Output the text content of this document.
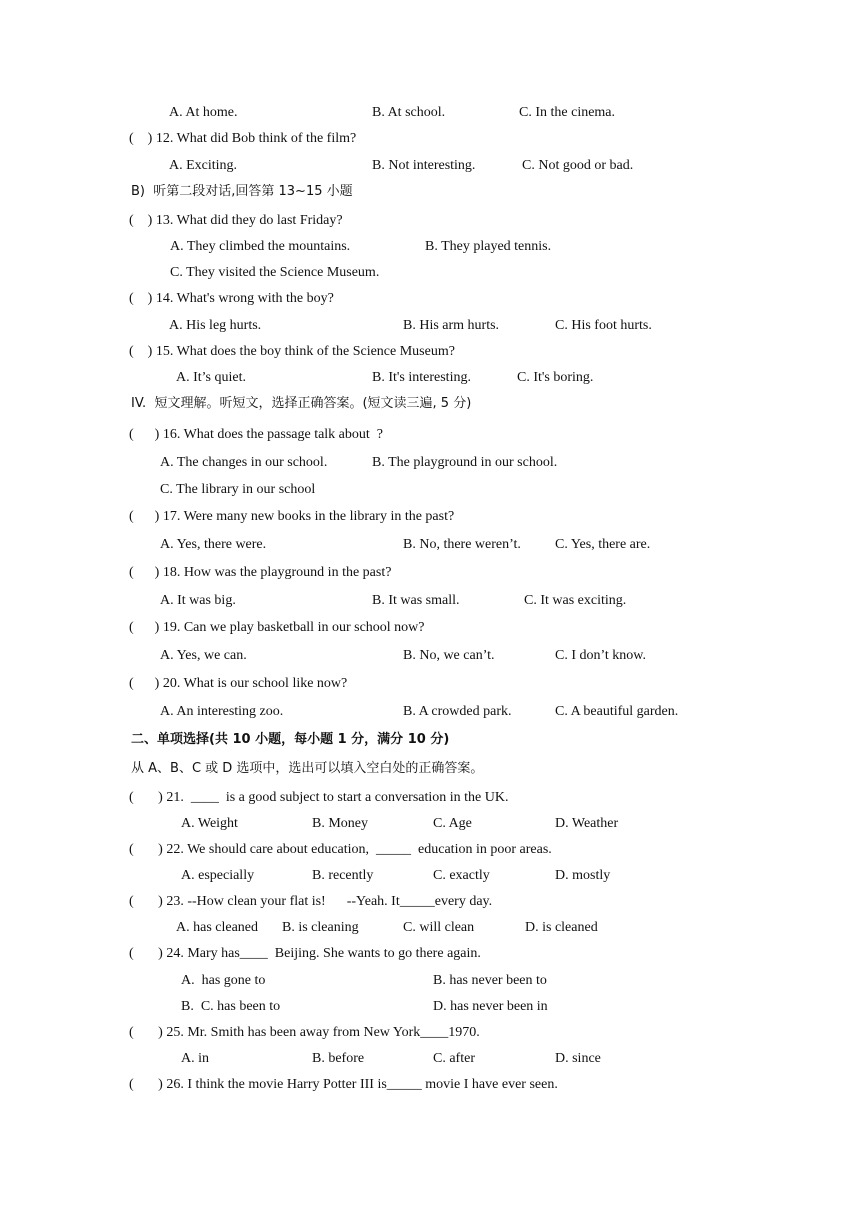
A. At home.

	B. At school.

	C. In the cinema.

(    ) 12. What did Bob think of the film?

A. Exciting.

	B. Not interesting.

	C. Not good or bad.

B)  听第二段对话,回答第 13~15 小题
(    ) 13. What did they do last Friday?

A. They climbed the mountains.

	B. They played tennis.

C. They visited the Science Museum.
(    ) 14. What's wrong with the boy?

A. His leg hurts.

	B. His arm hurts.

	C. His foot hurts.

(    ) 15. What does the boy think of the Science Museum?

A. It’s quiet.

	B. It's interesting.

	C. It's boring.

IV.  短文理解。听短文，选择正确答案。(短文读三遍, 5 分)
(      ) 16. What does the passage talk about  ?

A. The changes in our school.

	B. The playground in our school.

C. The library in our school
(      ) 17. Were many new books in the library in the past?

A. Yes, there were.

	B. No, there weren’t.

C. Yes, there are.

(      ) 18. How was the playground in the past?

A. It was big.

	B. It was small.

	C. It was exciting.

(      ) 19. Can we play basketball in our school now?

A. Yes, we can.

	B. No, we can’t.

	C. I don’t know.

(      ) 20. What is our school like now?

A. An interesting zoo.

	B. A crowded park.

	C. A beautiful garden.

二、单项选择(共 10 小题，每小题 1 分，满分 10 分)
从 A、B、C 或 D 选项中，选出可以填入空白处的正确答案。
(       ) 21.  ____  is a good subject to start a conversation in the UK.

A. Weight

	B. Money

	C. Age

	D. Weather

(       ) 22. We should care about education,  _____  education in poor areas.

A. especially

	B. recently

	C. exactly

	D. mostly

(       ) 23. --How clean your flat is!      --Yeah. It_____every day.

A. has cleaned

B. is cleaning

	C. will clean

	D. is cleaned

(       ) 24. Mary has____  Beijing. She wants to go there again.

A.  has gone to

	B. has never been to

B.  C. has been to

	D. has never been in

(       ) 25. Mr. Smith has been away from New York____1970.

A. in

	B. before

	C. after

	D. since

(       ) 26. I think the movie Harry Potter III is_____ movie I have ever seen.
